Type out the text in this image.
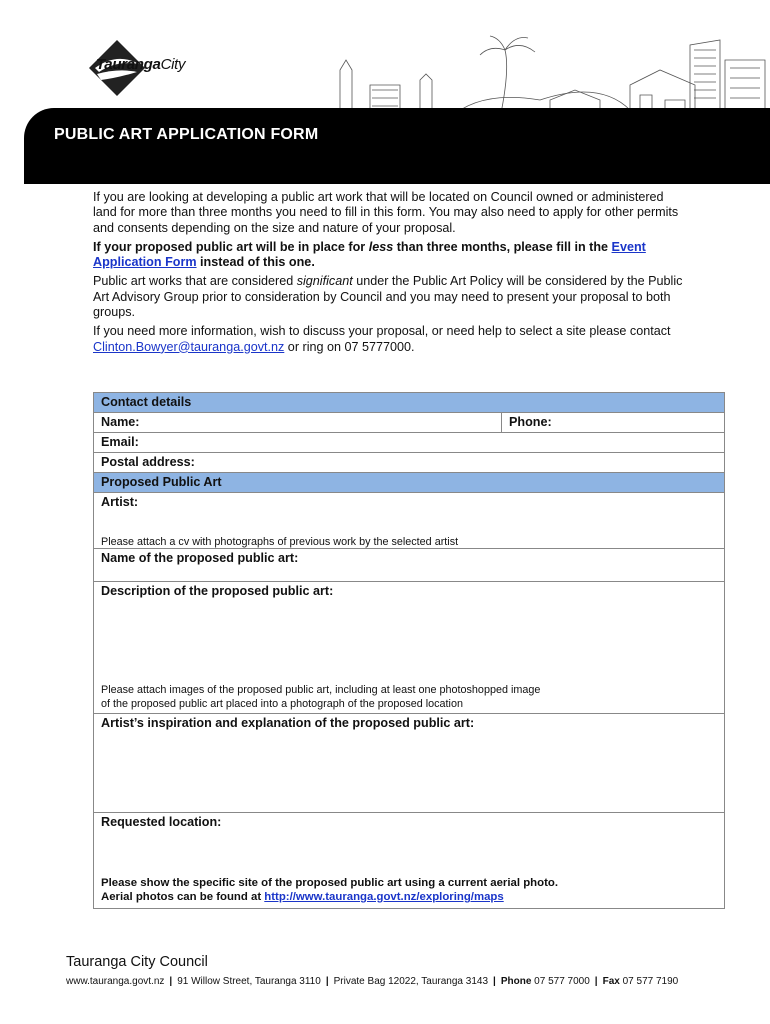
TaurangaCity
PUBLIC ART APPLICATION FORM

If you are looking at developing a public art work that will be located on Council owned or administered land for more than three months you need to fill in this form. You may also need to apply for other permits and consents depending on the size and nature of your proposal.

If your proposed public art will be in place for less than three months, please fill in the Event Application Form instead of this one.

Public art works that are considered significant under the Public Art Policy will be considered by the Public Art Advisory Group prior to consideration by Council and you may need to present your proposal to both groups.

If you need more information, wish to discuss your proposal, or need help to select a site please contact Clinton.Bowyer@tauranga.govt.nz or ring on 07 5777000.

Contact details
Name:	Phone:
Email:
Postal address:
Proposed Public Art
Artist:
Please attach a cv with photographs of previous work by the selected artist
Name of the proposed public art:
Description of the proposed public art:
Please attach images of the proposed public art, including at least one photoshopped image
of the proposed public art placed into a photograph of the proposed location
Artist’s inspiration and explanation of the proposed public art:
Requested location:
Please show the specific site of the proposed public art using a current aerial photo.
Aerial photos can be found at http://www.tauranga.govt.nz/exploring/maps
Tauranga City Council
www.tauranga.govt.nz | 91 Willow Street, Tauranga 3110 | Private Bag 12022, Tauranga 3143 | Phone 07 577 7000 | Fax 07 577 7190
